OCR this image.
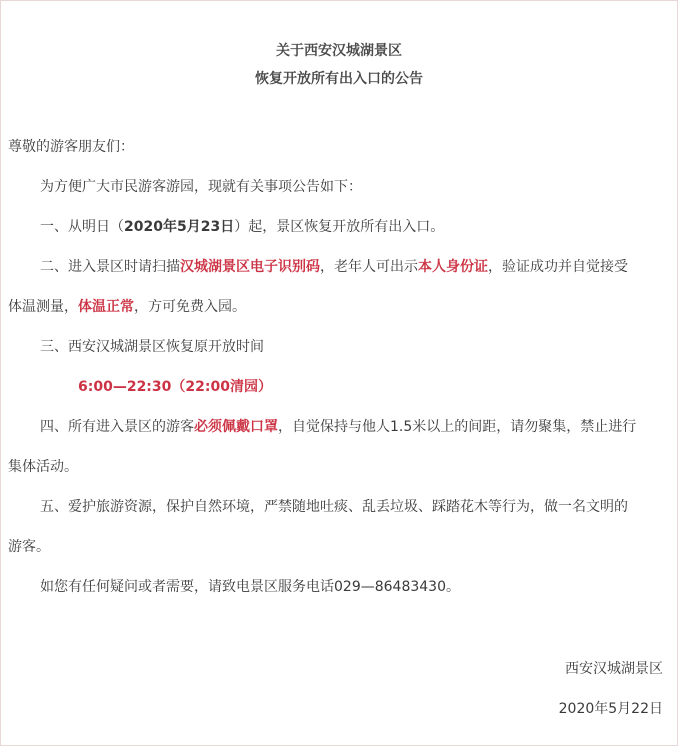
关于西安汉城湖景区
恢复开放所有出入口的公告
尊敬的游客朋友们：
为方便广大市民游客游园，现就有关事项公告如下：
一、从明日（2020年5月23日）起，景区恢复开放所有出入口。
二、进入景区时请扫描汉城湖景区电子识别码，老年人可出示本人身份证，验证成功并自觉接受
体温测量，体温正常，方可免费入园。
三、西安汉城湖景区恢复原开放时间
6:00—22:30（22:00清园）
四、所有进入景区的游客必须佩戴口罩，自觉保持与他人1.5米以上的间距，请勿聚集，禁止进行
集体活动。
五、爱护旅游资源，保护自然环境，严禁随地吐痰、乱丢垃圾、踩踏花木等行为，做一名文明的
游客。
如您有任何疑问或者需要，请致电景区服务电话029—86483430。
西安汉城湖景区
2020年5月22日
